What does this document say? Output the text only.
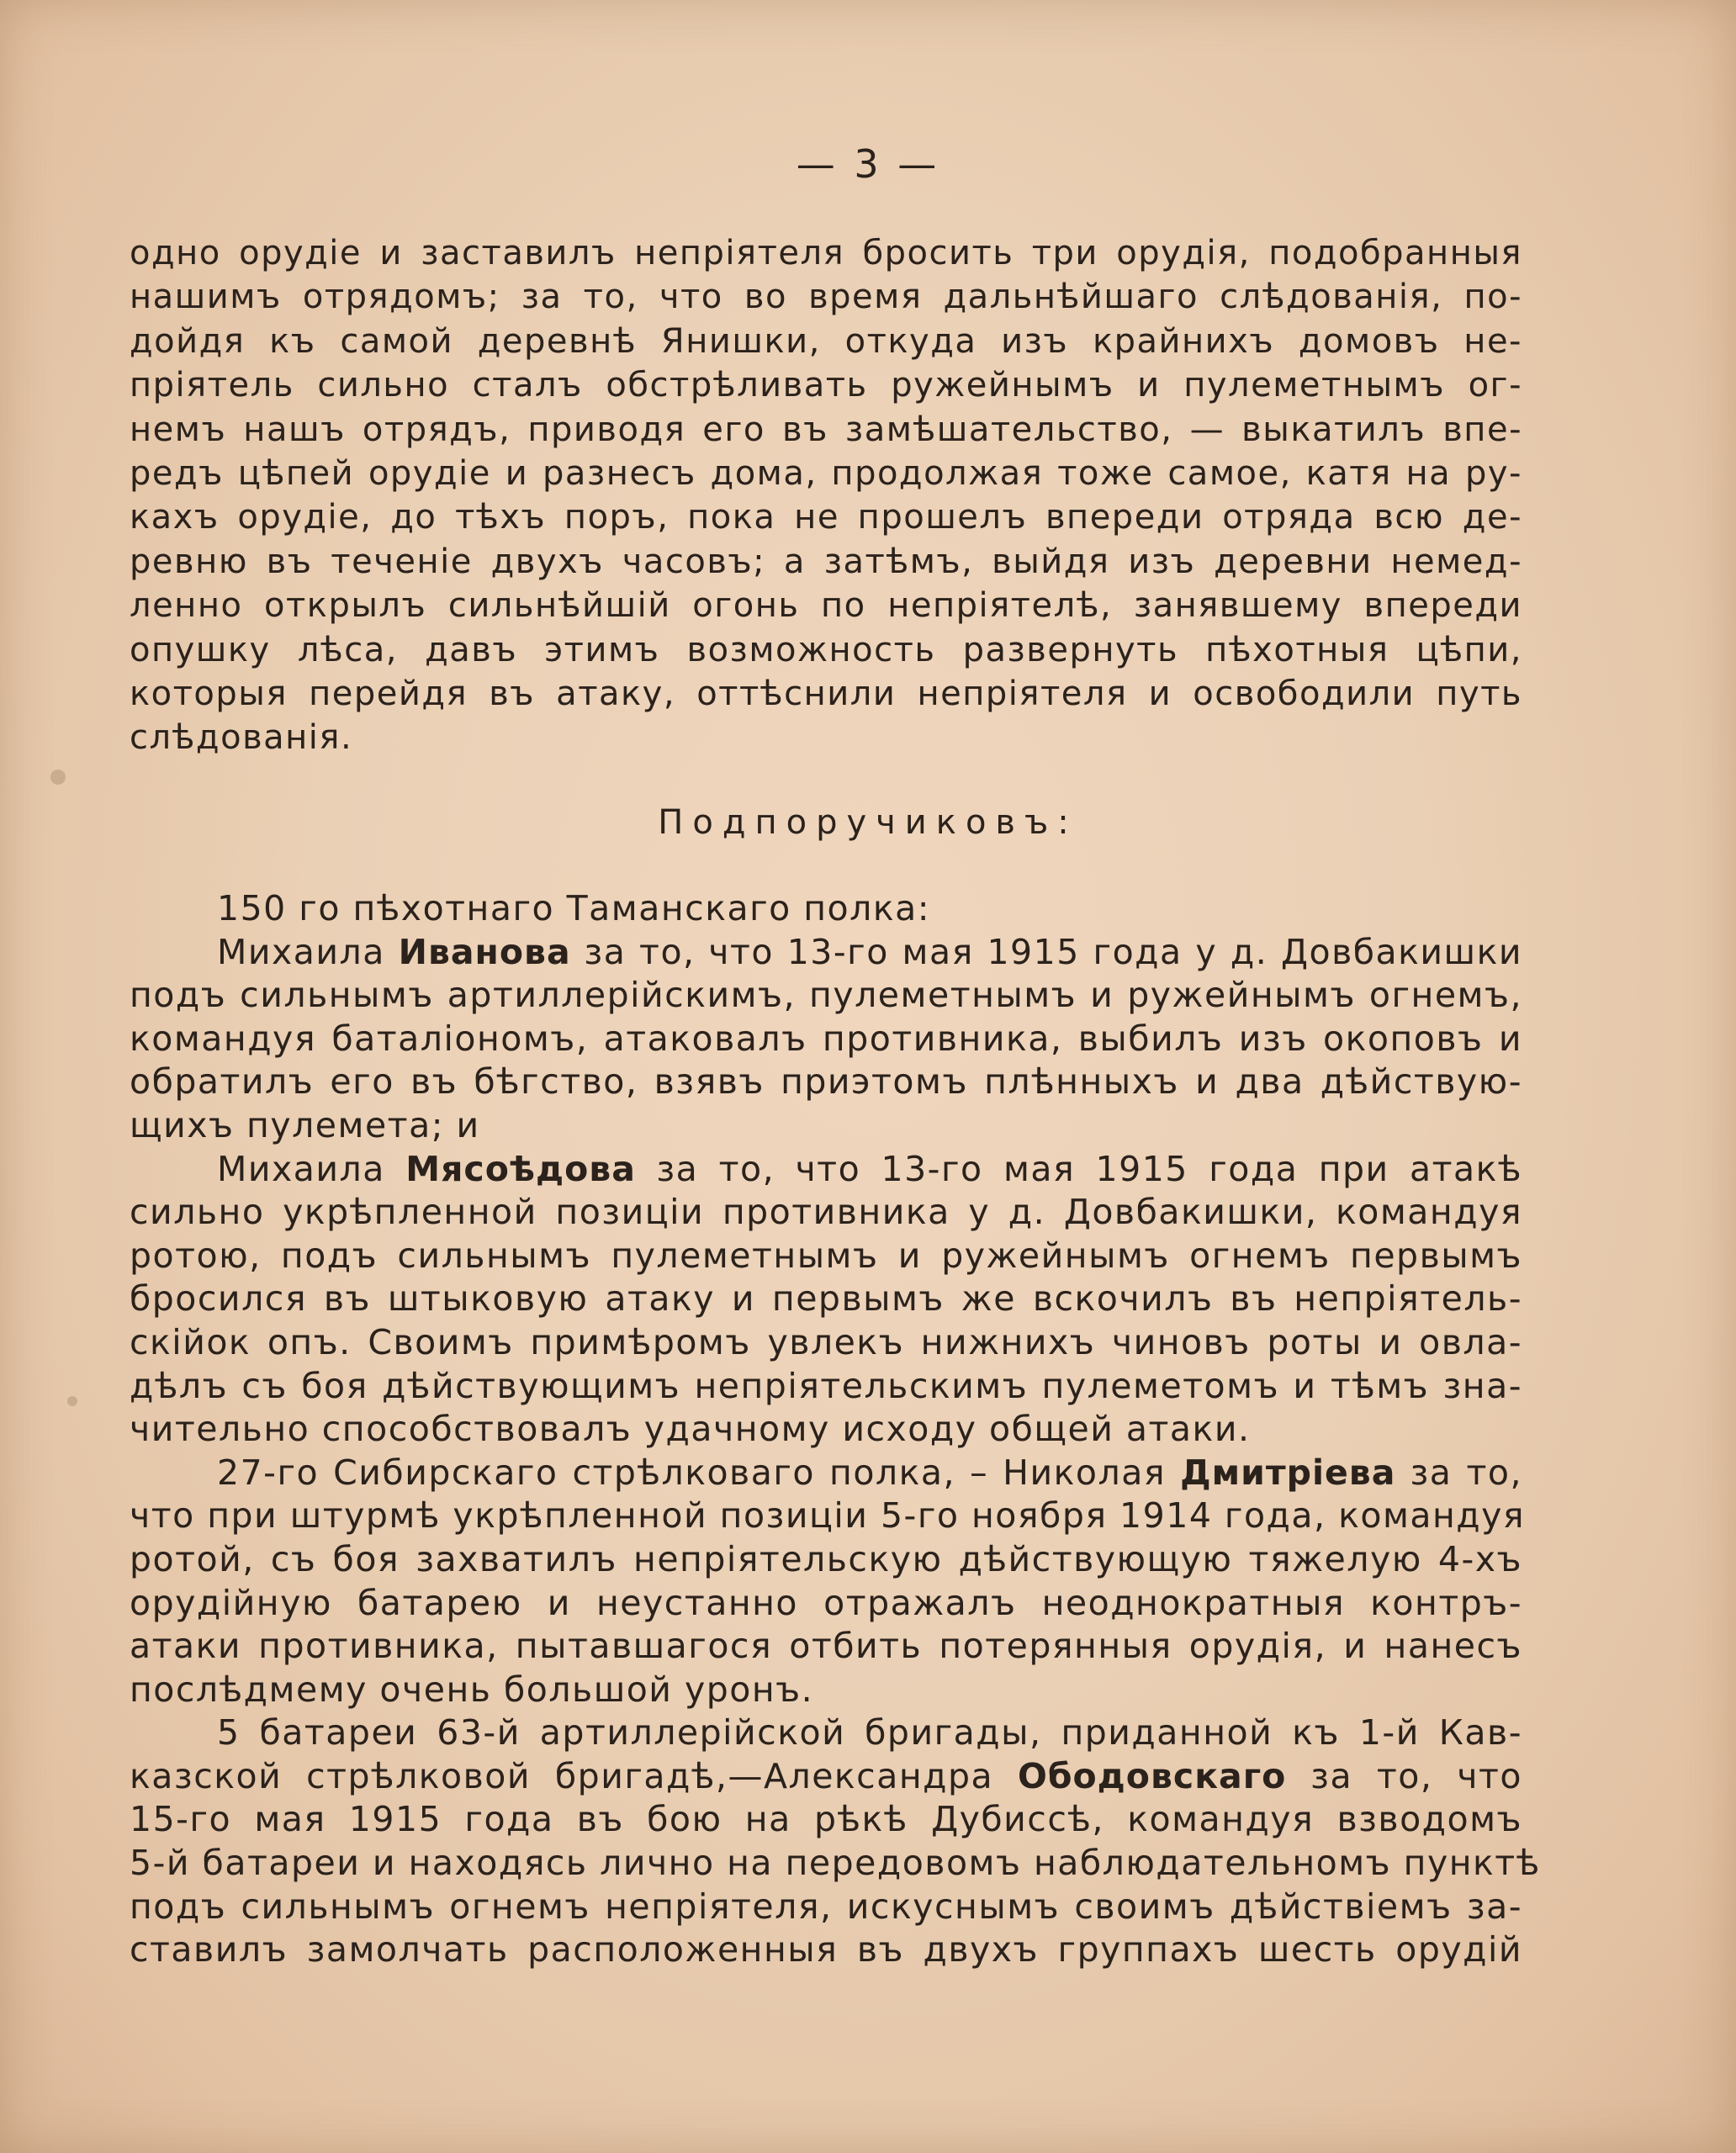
— 3 —
одно орудіе и заставилъ непріятеля бросить три орудія, подобранныя
нашимъ отрядомъ; за то, что во время дальнѣйшаго слѣдованія, по-
дойдя къ самой деревнѣ Янишки, откуда изъ крайнихъ домовъ не-
пріятель сильно сталъ обстрѣливать ружейнымъ и пулеметнымъ ог-
немъ нашъ отрядъ, приводя его въ замѣшательство, — выкатилъ впе-
редъ цѣпей орудіе и разнесъ дома, продолжая тоже самое, катя на ру-
кахъ орудіе, до тѣхъ поръ, пока не прошелъ впереди отряда всю де-
ревню въ теченіе двухъ часовъ; а затѣмъ, выйдя изъ деревни немед-
ленно открылъ сильнѣйшій огонь по непріятелѣ, занявшему впереди
опушку лѣса, давъ этимъ возможность развернуть пѣхотныя цѣпи,
которыя перейдя въ атаку, оттѣснили непріятеля и освободили путь
слѣдованія.
Подпоручиковъ:
150 го пѣхотнаго Таманскаго полка:
Михаила Иванова за то, что 13-го мая 1915 года у д. Довбакишки
подъ сильнымъ артиллерійскимъ, пулеметнымъ и ружейнымъ огнемъ,
командуя баталіономъ, атаковалъ противника, выбилъ изъ окоповъ и
обратилъ его въ бѣгство, взявъ приэтомъ плѣнныхъ и два дѣйствую-
щихъ пулемета; и
Михаила Мясоѣдова за то, что 13-го мая 1915 года при атакѣ
сильно укрѣпленной позиціи противника у д. Довбакишки, командуя
ротою, подъ сильнымъ пулеметнымъ и ружейнымъ огнемъ первымъ
бросился въ штыковую атаку и первымъ же вскочилъ въ непріятель-
скійок опъ. Своимъ примѣромъ увлекъ нижнихъ чиновъ роты и овла-
дѣлъ съ боя дѣйствующимъ непріятельскимъ пулеметомъ и тѣмъ зна-
чительно способствовалъ удачному исходу общей атаки.
27-го Сибирскаго стрѣлковаго полка, – Николая Дмитріева за то,
что при штурмѣ укрѣпленной позиціи 5-го ноября 1914 года, командуя
ротой, съ боя захватилъ непріятельскую дѣйствующую тяжелую 4-хъ
орудійную батарею и неустанно отражалъ неоднократныя контръ-
атаки противника, пытавшагося отбить потерянныя орудія, и нанесъ
послѣдмему очень большой уронъ.
5 батареи 63-й артиллерійской бригады, приданной къ 1-й Кав-
казской стрѣлковой бригадѣ,—Александра Ободовскаго за то, что
15-го мая 1915 года въ бою на рѣкѣ Дубиссѣ, командуя взводомъ
5-й батареи и находясь лично на передовомъ наблюдательномъ пунктѣ
подъ сильнымъ огнемъ непріятеля, искуснымъ своимъ дѣйствіемъ за-
ставилъ замолчать расположенныя въ двухъ группахъ шесть орудій
